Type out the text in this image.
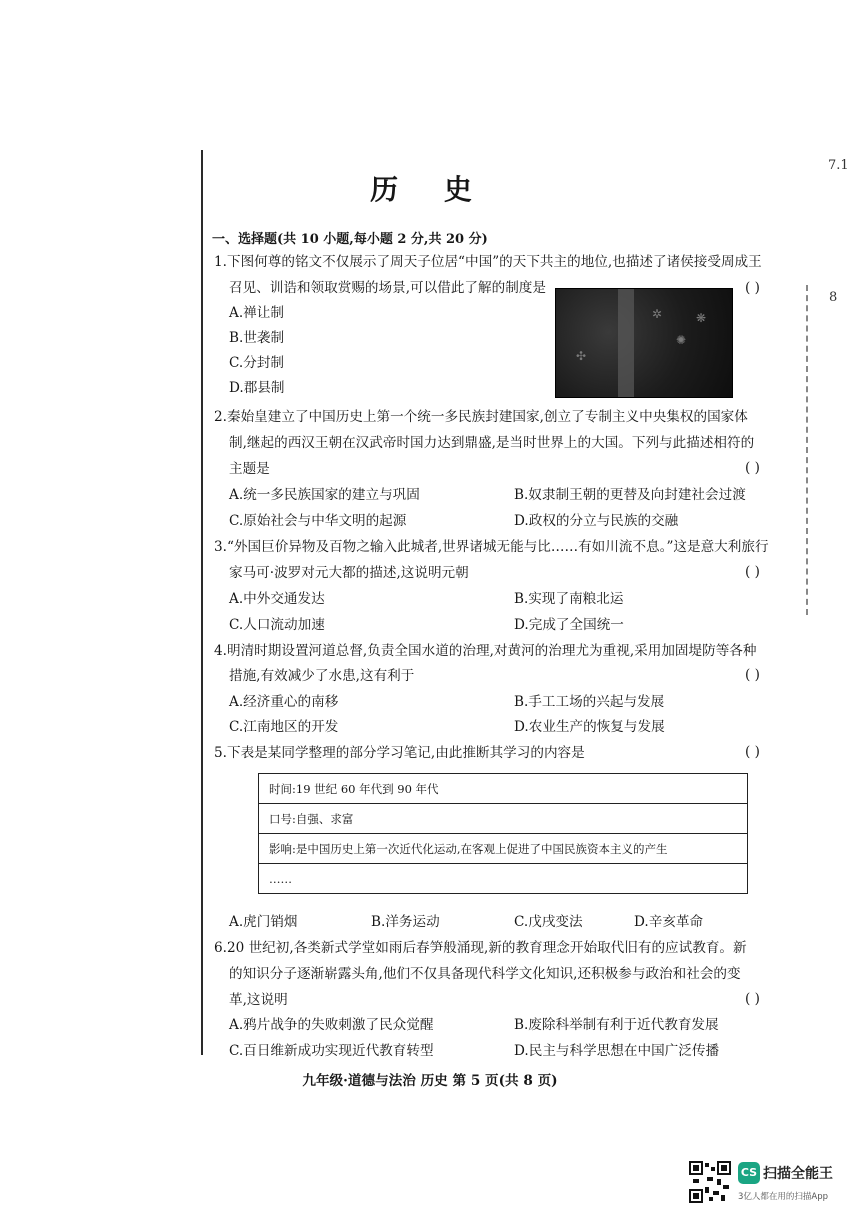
7.1
8
历 史
一、选择题(共 10 小题,每小题 2 分,共 20 分)
1.下图何尊的铭文不仅展示了周天子位居“中国”的天下共主的地位,也描述了诸侯接受周成王
召见、训诰和领取赏赐的场景,可以借此了解的制度是	( )
A.禅让制
B.世袭制
C.分封制
D.郡县制
✲
✺
❋
✣
2.秦始皇建立了中国历史上第一个统一多民族封建国家,创立了专制主义中央集权的国家体
制,继起的西汉王朝在汉武帝时国力达到鼎盛,是当时世界上的大国。下列与此描述相符的
主题是	( )
A.统一多民族国家的建立与巩固	B.奴隶制王朝的更替及向封建社会过渡
C.原始社会与中华文明的起源	D.政权的分立与民族的交融
3.“外国巨价异物及百物之输入此城者,世界诸城无能与比……有如川流不息。”这是意大利旅行
家马可·波罗对元大都的描述,这说明元朝	( )
A.中外交通发达	B.实现了南粮北运
C.人口流动加速	D.完成了全国统一
4.明清时期设置河道总督,负责全国水道的治理,对黄河的治理尤为重视,采用加固堤防等各种
措施,有效减少了水患,这有利于	( )
A.经济重心的南移	B.手工工场的兴起与发展
C.江南地区的开发	D.农业生产的恢复与发展
5.下表是某同学整理的部分学习笔记,由此推断其学习的内容是	( )
时间:19 世纪 60 年代到 90 年代
口号:自强、求富
影响:是中国历史上第一次近代化运动,在客观上促进了中国民族资本主义的产生
……
A.虎门销烟	B.洋务运动	C.戊戌变法	D.辛亥革命
6.20 世纪初,各类新式学堂如雨后春笋般涌现,新的教育理念开始取代旧有的应试教育。新
的知识分子逐渐崭露头角,他们不仅具备现代科学文化知识,还积极参与政治和社会的变
革,这说明	( )
A.鸦片战争的失败刺激了民众觉醒	B.废除科举制有利于近代教育发展
C.百日维新成功实现近代教育转型	D.民主与科学思想在中国广泛传播
九年级·道德与法治 历史 第 5 页(共 8 页)
CS 扫描全能王
3亿人都在用的扫描App
